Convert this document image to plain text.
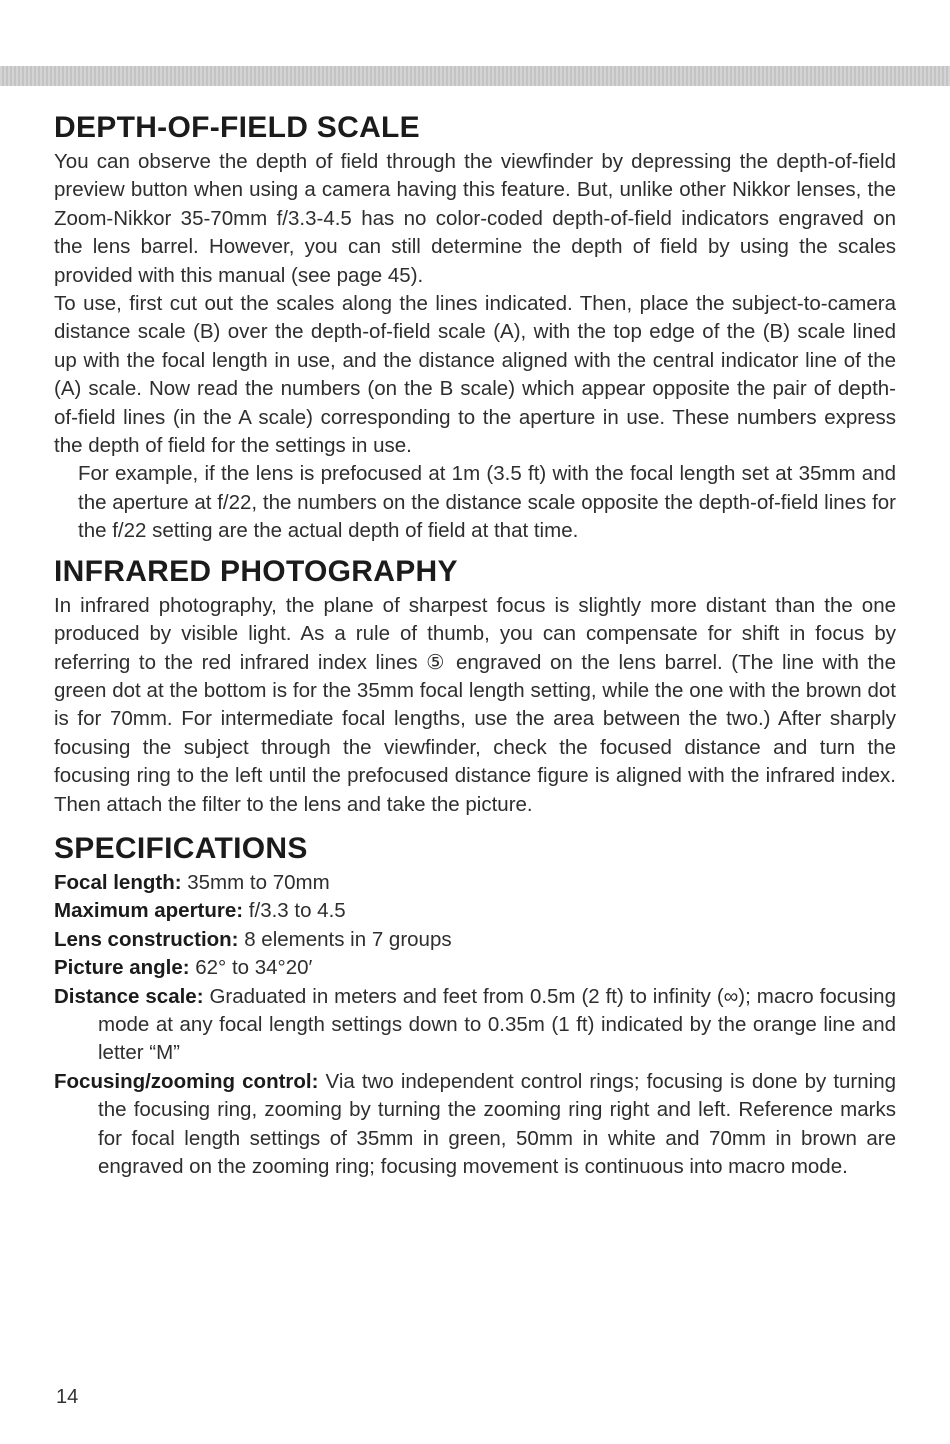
DEPTH-OF-FIELD SCALE

You can observe the depth of field through the viewfinder by depressing the depth-of-field preview button when using a camera having this feature. But, unlike other Nikkor lenses, the Zoom-Nikkor 35-70mm f/3.3-4.5 has no color-coded depth-of-field indicators engraved on the lens barrel. However, you can still determine the depth of field by using the scales provided with this manual (see page 45).

To use, first cut out the scales along the lines indicated. Then, place the subject-to-camera distance scale (B) over the depth-of-field scale (A), with the top edge of the (B) scale lined up with the focal length in use, and the distance aligned with the central indicator line of the (A) scale. Now read the numbers (on the B scale) which appear opposite the pair of depth-of-field lines (in the A scale) corresponding to the aperture in use. These numbers express the depth of field for the settings in use.

For example, if the lens is prefocused at 1m (3.5 ft) with the focal length set at 35mm and the aperture at f/22, the numbers on the distance scale opposite the depth-of-field lines for the f/22 setting are the actual depth of field at that time.

INFRARED PHOTOGRAPHY

In infrared photography, the plane of sharpest focus is slightly more distant than the one produced by visible light. As a rule of thumb, you can compensate for shift in focus by referring to the red infrared index lines ⑤ engraved on the lens barrel. (The line with the green dot at the bottom is for the 35mm focal length setting, while the one with the brown dot is for 70mm. For intermediate focal lengths, use the area between the two.) After sharply focusing the subject through the viewfinder, check the focused distance and turn the focusing ring to the left until the prefocused distance figure is aligned with the infrared index. Then attach the filter to the lens and take the picture.

SPECIFICATIONS

Focal length: 35mm to 70mm

Maximum aperture: f/3.3 to 4.5

Lens construction: 8 elements in 7 groups

Picture angle: 62° to 34°20′

Distance scale: Graduated in meters and feet from 0.5m (2 ft) to infinity (∞); macro focusing mode at any focal length settings down to 0.35m (1 ft) indicated by the orange line and letter “M”

Focusing/zooming control: Via two independent control rings; focusing is done by turning the focusing ring, zooming by turning the zooming ring right and left. Reference marks for focal length settings of 35mm in green, 50mm in white and 70mm in brown are engraved on the zooming ring; focusing movement is continuous into macro mode.

14
